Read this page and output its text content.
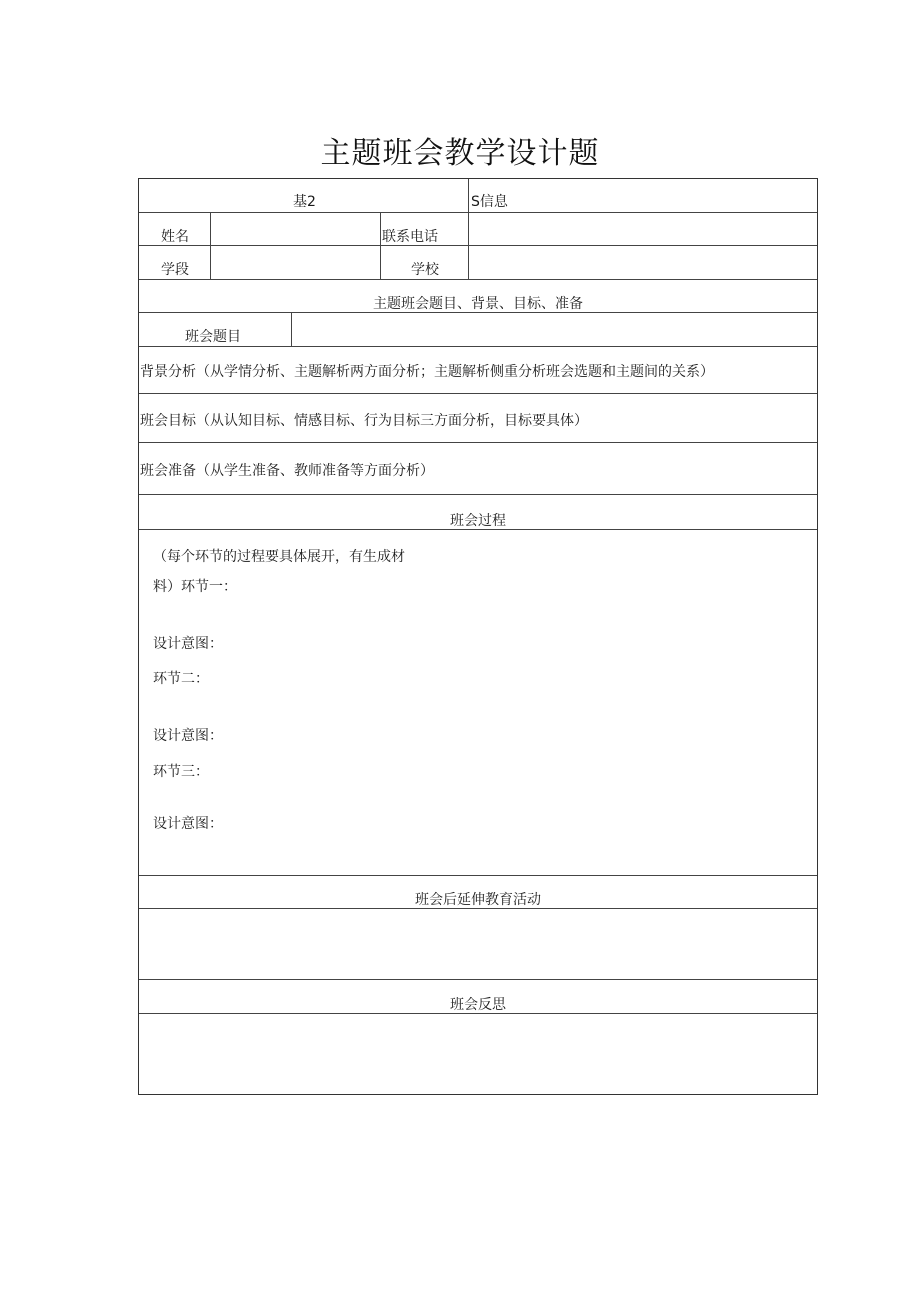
主题班会教学设计题
基2	S信息
姓名	联系电话
学段	学校
主题班会题目、背景、目标、准备
班会题目
背景分析（从学情分析、主题解析两方面分析；主题解析侧重分析班会选题和主题间的关系）
班会目标（从认知目标、情感目标、行为目标三方面分析，目标要具体）
班会准备（从学生准备、教师准备等方面分析）
班会过程
（每个环节的过程要具体展开，有生成材
料）环节一：
设计意图：
环节二：
设计意图：
环节三：
设计意图：
班会后延伸教育活动
班会反思
